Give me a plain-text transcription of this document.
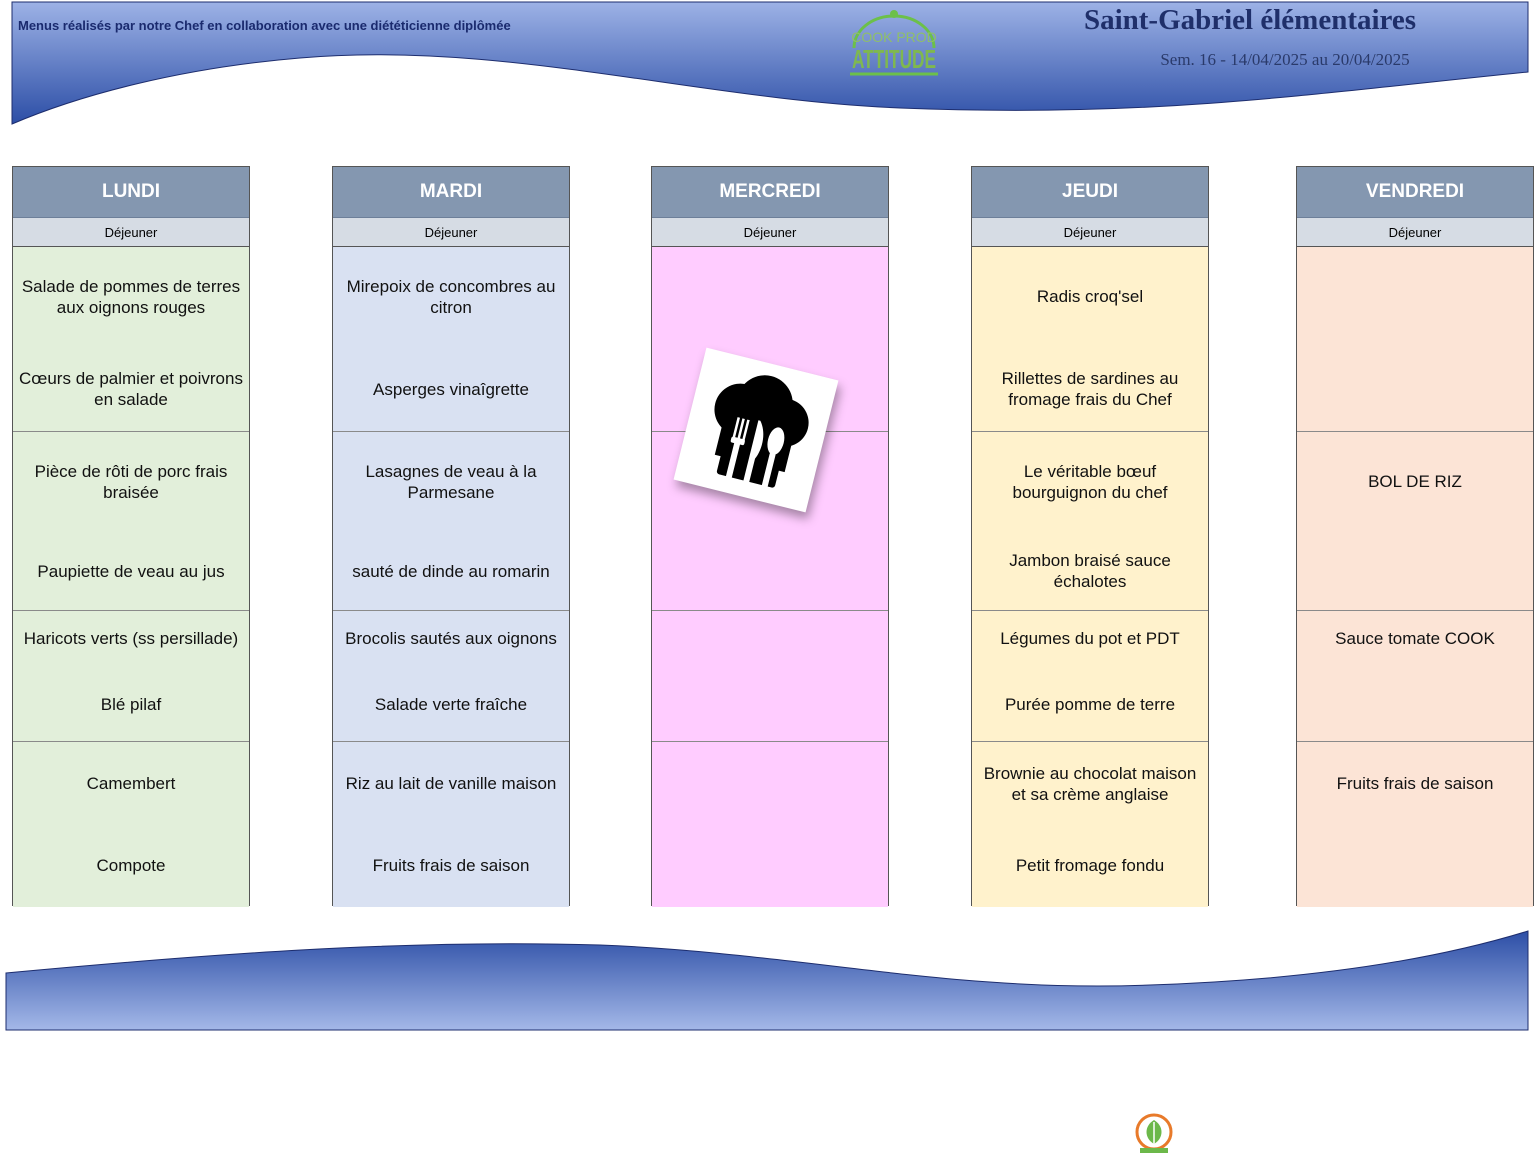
Menus réalisés par notre Chef en collaboration avec une diététicienne diplômée
COOK PROD
ATTITUDE
Saint-Gabriel élémentaires
Sem. 16 - 14/04/2025 au 20/04/2025
LUNDI
Déjeuner
Salade de pommes de terres aux oignons rouges
Cœurs de palmier et poivrons en salade
Pièce de rôti de porc frais braisée
Paupiette de veau au jus
Haricots verts (ss persillade)
Blé pilaf
Camembert
Compote
MARDI
Déjeuner
Mirepoix de concombres au citron
Asperges vinaîgrette
Lasagnes de veau à la Parmesane
sauté de dinde au romarin
Brocolis sautés aux oignons
Salade verte fraîche
Riz au lait de vanille maison
Fruits frais de saison
MERCREDI
Déjeuner
JEUDI
Déjeuner
Radis croq'sel
Rillettes de sardines au fromage frais du Chef
Le véritable bœuf bourguignon du chef
Jambon braisé sauce échalotes
Légumes du pot et PDT
Purée pomme de terre
Brownie au chocolat maison et sa crème anglaise
Petit fromage fondu
VENDREDI
Déjeuner
BOL DE RIZ
Sauce tomate COOK
Fruits frais de saison
